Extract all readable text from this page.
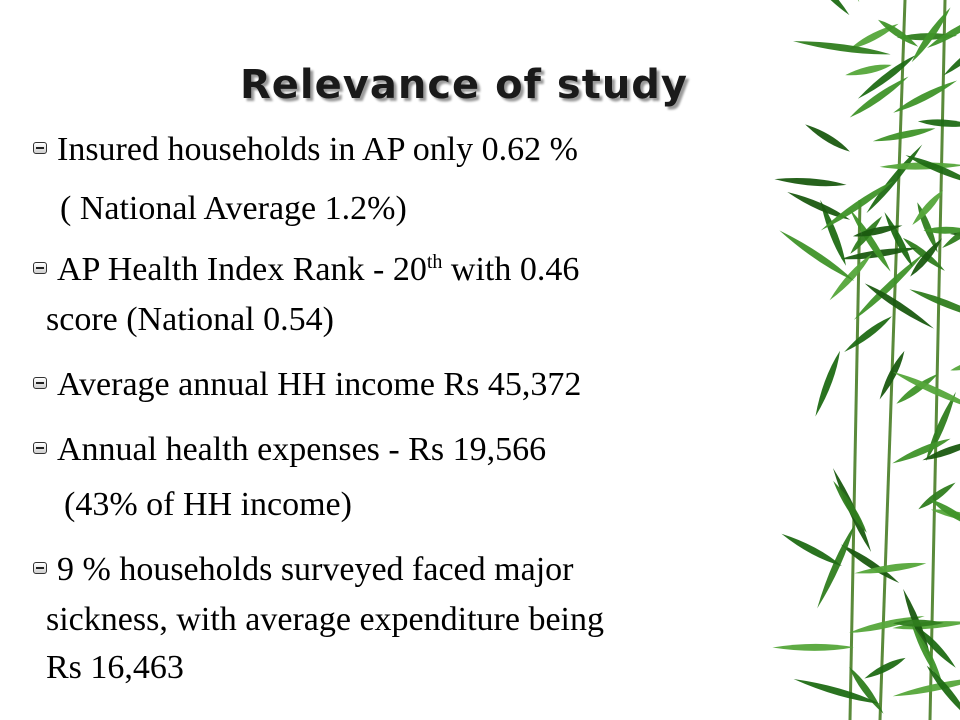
Relevance of study
Insured households in AP only 0.62 %
( National Average 1.2%)
AP Health Index Rank - 20th with 0.46
score (National 0.54)
Average annual HH income Rs 45,372
Annual health expenses - Rs 19,566
(43% of HH income)
9 % households surveyed faced major
sickness, with average expenditure being
Rs 16,463
